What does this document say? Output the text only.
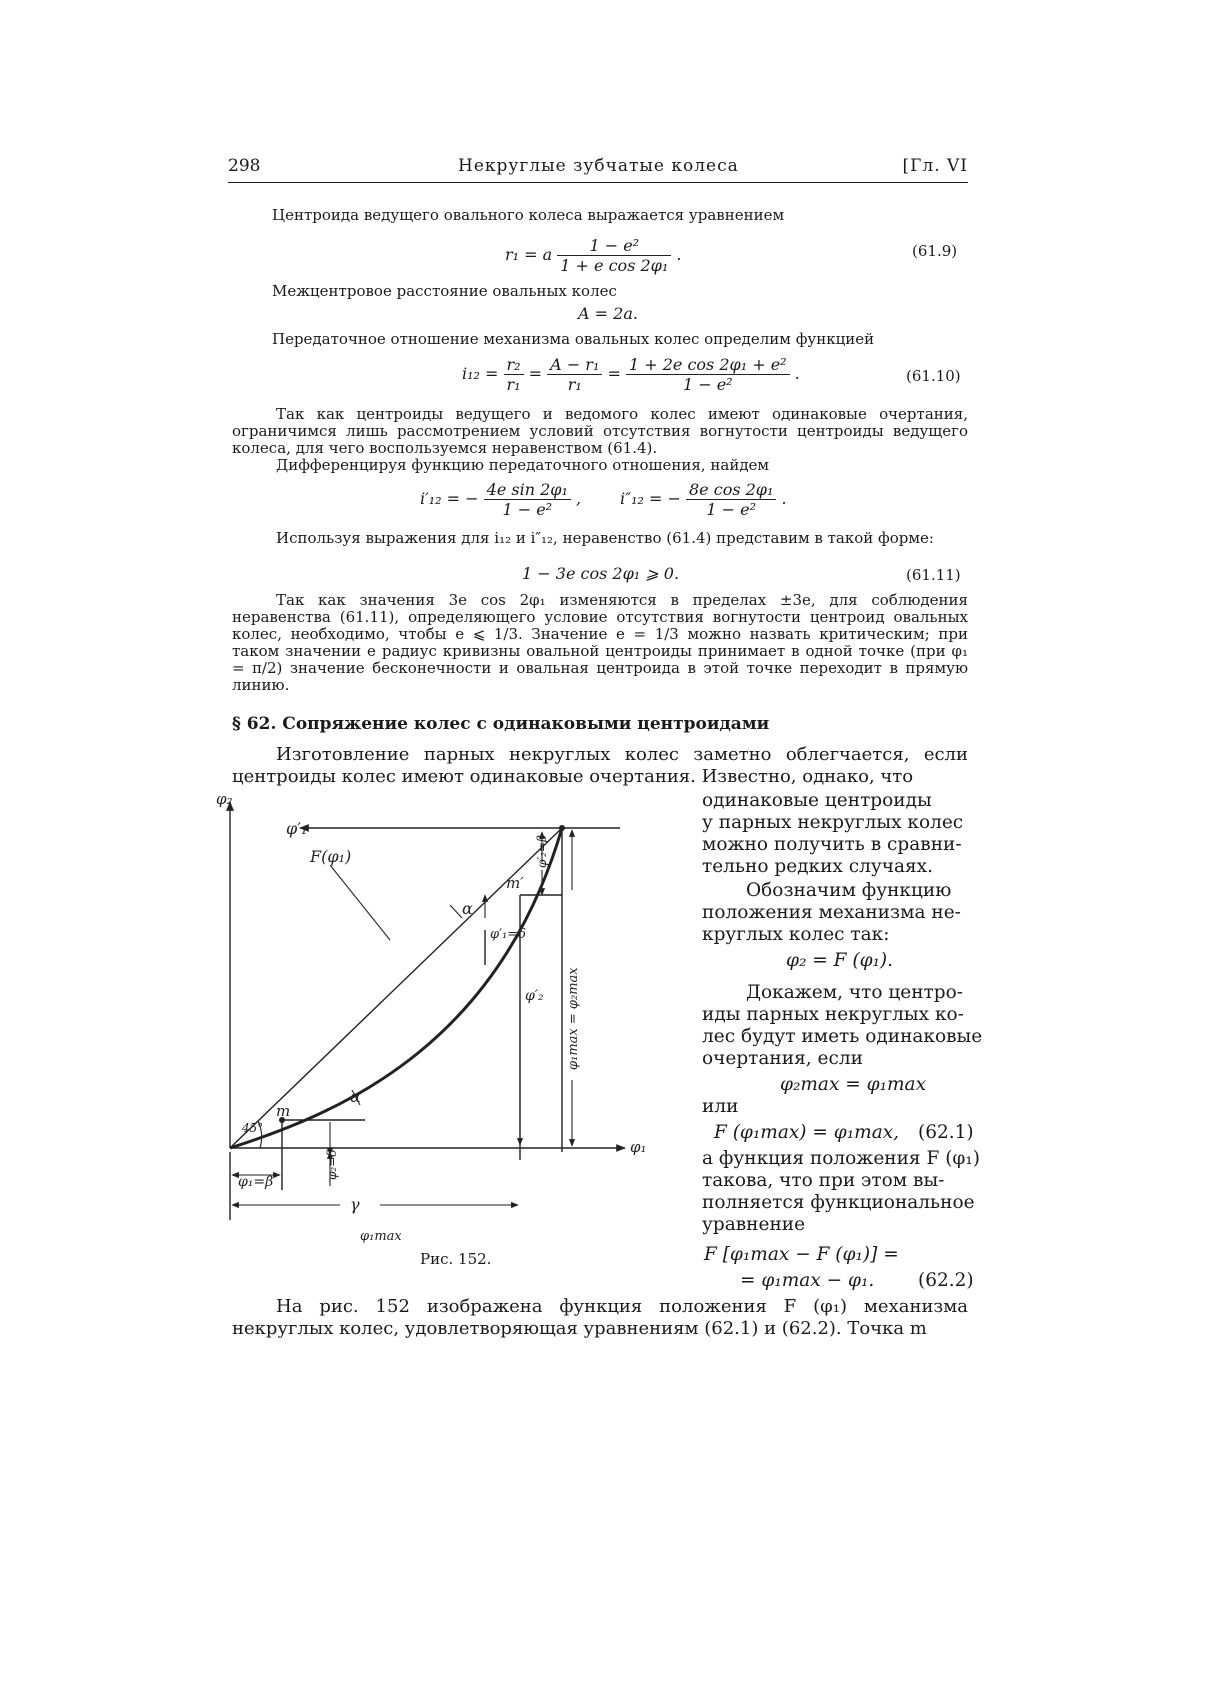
298	Некруглые зубчатые колеса	[Гл. VI
Центроида ведущего овального колеса выражается уравнением
r₁ = a $\frac{\text{1 − e²}}{\text{1 + e cos 2φ₁}}$ .	(61.9)
Межцентровое расстояние овальных колес
A = 2a.
Передаточное отношение механизма овальных колес определим функцией
$i_{12} = \frac{\text{r₂}}{\text{r₁}} = \frac{\text{A − r₁}}{\text{r₁}} = \frac{\text{1 + 2e cos 2φ₁ + e²}}{\text{1 − e²}}$ .	(61.10)
Так как центроиды ведущего и ведомого колес имеют одинаковые очертания, ограничимся лишь рассмотрением условий отсутствия вогнутости центроиды ведущего колеса, для чего воспользуемся неравенством (61.4).
Дифференцируя функцию передаточного отношения, найдем
i′₁₂ = − $\frac{\text{4e sin 2φ₁}}{\text{1 − e²}}$ , i″₁₂ = − $\frac{\text{8e cos 2φ₁}}{\text{1 − e²}}$ .
Используя выражения для i₁₂ и i″₁₂, неравенство (61.4) представим в такой форме:
1 − 3e cos 2φ₁ ⩾ 0.	(61.11)
Так как значения 3e cos 2φ₁ изменяются в пределах ±3e, для соблюдения неравенства (61.11), определяющего условие отсутствия вогнутости центроид овальных колес, необходимо, чтобы e ⩽ 1/3. Значение e = 1/3 можно назвать критическим; при таком значении e радиус кривизны овальной центроиды принимает в одной точке (при φ₁ = π/2) значение бесконечности и овальная центроида в этой точке переходит в прямую линию.
§ 62. Сопряжение колес с одинаковыми центроидами
Изготовление парных некруглых колес заметно облегчается, если центроиды колес имеют одинаковые очертания. Известно, однако, что
одинаковые центроиды
у парных некруглых колес
можно получить в сравни-
тельно редких случаях.
Обозначим функцию
положения механизма не-
круглых колес так:
φ₂ = F (φ₁).
Докажем, что центро-
иды парных некруглых ко-
лес будут иметь одинаковые
очертания, если
φ₂max = φ₁max
или
F (φ₁max) = φ₁max, (62.1)
а функция положения F (φ₁)
такова, что при этом вы-
полняется функциональное
уравнение
F [φ₁max − F (φ₁)] =
= φ₁max − φ₁. (62.2)
φ₂
φ₁
φ′₁
F(φ₁)
m
m′
45°
α
α
φ₁=β
γ
φ₁max
φ′₁=δ
φ′₂
φ′₂=β
φ₂=δ
φ₁max = φ₂max
Рис. 152.
На рис. 152 изображена функция положения F (φ₁) механизма некруглых колес, удовлетворяющая уравнениям (62.1) и (62.2). Точка m
